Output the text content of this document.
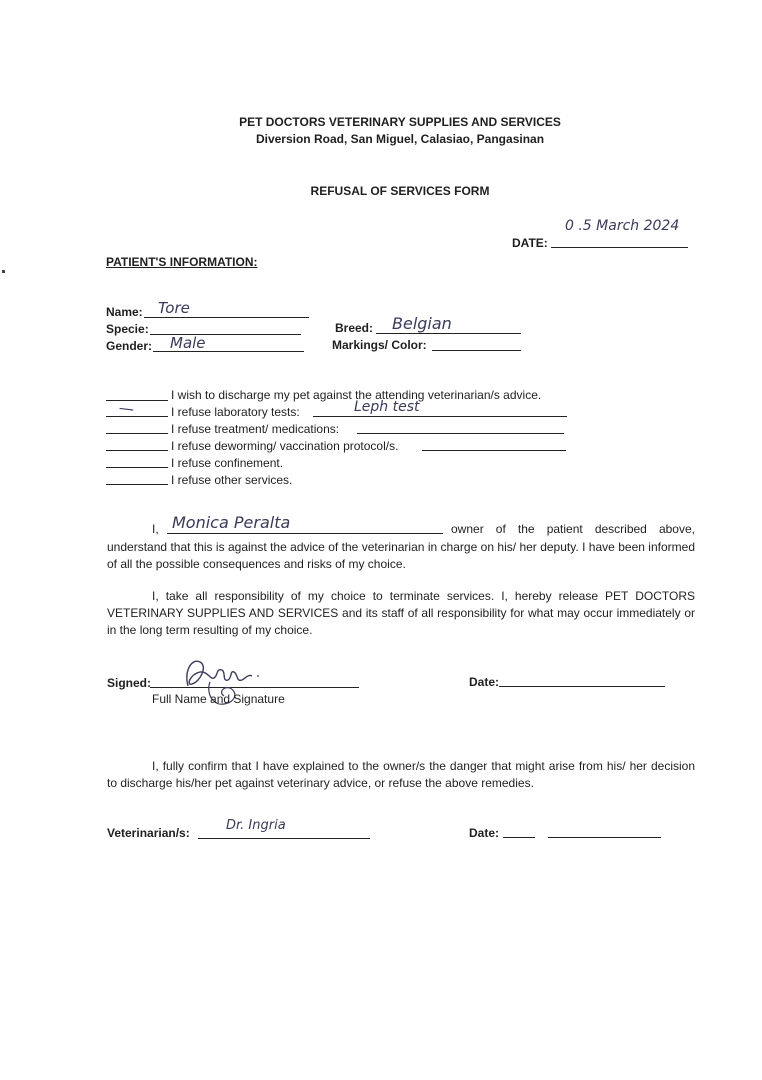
PET DOCTORS VETERINARY SUPPLIES AND SERVICES
Diversion Road, San Miguel, Calasiao, Pangasinan
REFUSAL OF SERVICES FORM
DATE:
0 .5 March 2024
PATIENT'S INFORMATION:
Name: Tore
Specie:
Gender: Male
Breed: Belgian
Markings/ Color:
I wish to discharge my pet against the attending veterinarian/s advice.
/	I refuse laboratory tests:	Leph test
I refuse treatment/ medications:
I refuse deworming/ vaccination protocol/s.
I refuse confinement.
I refuse other services.
I, Monica Peralta	owner of the patient described above,
understand that this is against the advice of the veterinarian in charge on his/ her deputy. I have been informed of all the possible consequences and risks of my choice.
I, take all responsibility of my choice to terminate services. I, hereby release PET DOCTORS VETERINARY SUPPLIES AND SERVICES and its staff of all responsibility for what may occur immediately or in the long term resulting of my choice.
Signed:
Full Name and Signature
Date:
I, fully confirm that I have explained to the owner/s the danger that might arise from his/ her decision to discharge his/her pet against veterinary advice, or refuse the above remedies.
Veterinarian/s:	Dr. Ingria	Date:
